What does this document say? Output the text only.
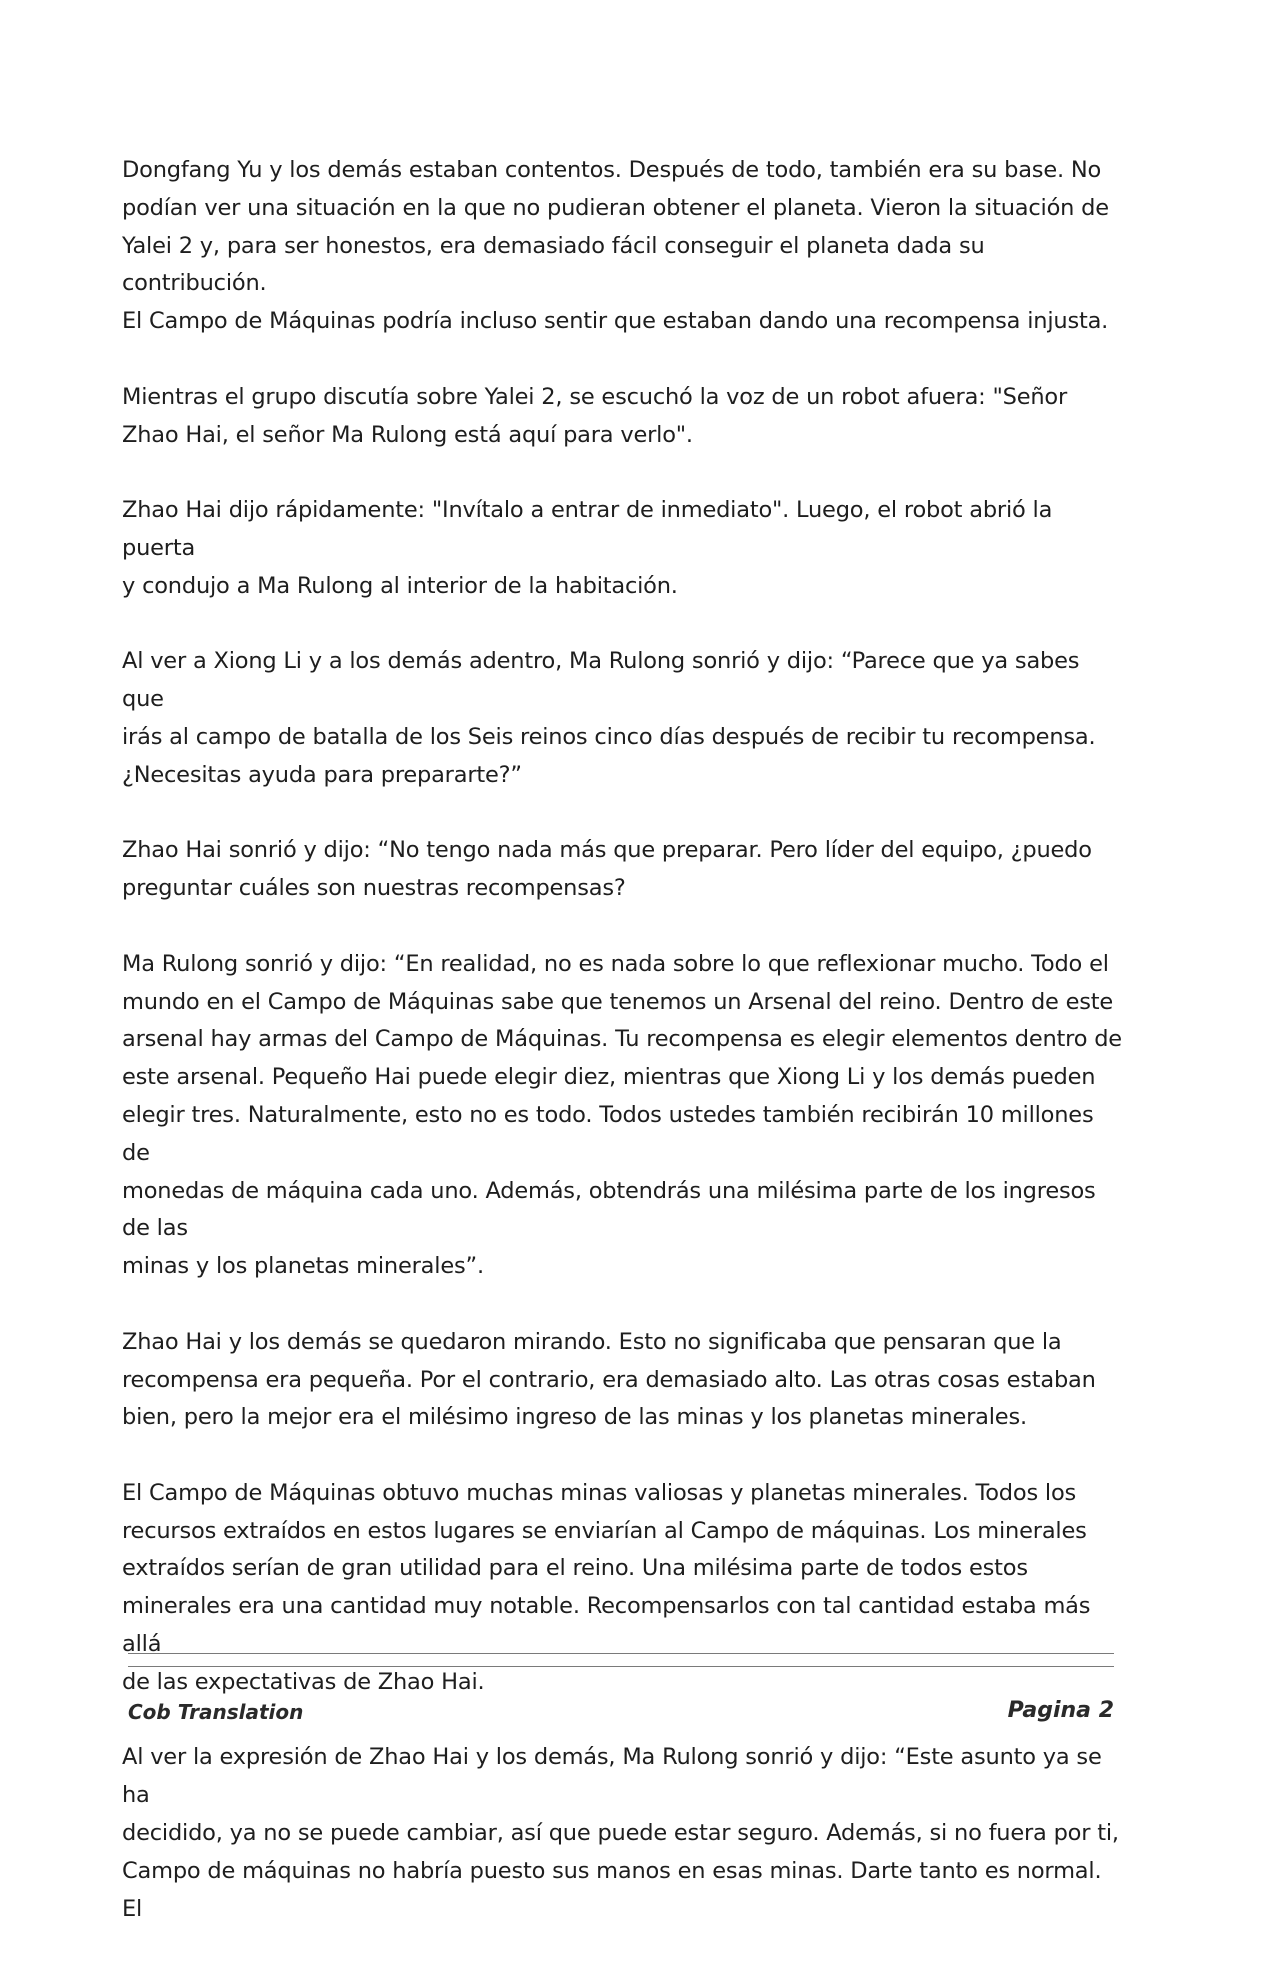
Dongfang Yu y los demás estaban contentos. Después de todo, también era su base. No
podían ver una situación en la que no pudieran obtener el planeta. Vieron la situación de
Yalei 2 y, para ser honestos, era demasiado fácil conseguir el planeta dada su contribución.
El Campo de Máquinas podría incluso sentir que estaban dando una recompensa injusta.

Mientras el grupo discutía sobre Yalei 2, se escuchó la voz de un robot afuera: "Señor
Zhao Hai, el señor Ma Rulong está aquí para verlo".

Zhao Hai dijo rápidamente: "Invítalo a entrar de inmediato". Luego, el robot abrió la puerta
y condujo a Ma Rulong al interior de la habitación.

Al ver a Xiong Li y a los demás adentro, Ma Rulong sonrió y dijo: “Parece que ya sabes que
irás al campo de batalla de los Seis reinos cinco días después de recibir tu recompensa.
¿Necesitas ayuda para prepararte?”

Zhao Hai sonrió y dijo: “No tengo nada más que preparar. Pero líder del equipo, ¿puedo
preguntar cuáles son nuestras recompensas?

Ma Rulong sonrió y dijo: “En realidad, no es nada sobre lo que reflexionar mucho. Todo el
mundo en el Campo de Máquinas sabe que tenemos un Arsenal del reino. Dentro de este
arsenal hay armas del Campo de Máquinas. Tu recompensa es elegir elementos dentro de
este arsenal. Pequeño Hai puede elegir diez, mientras que Xiong Li y los demás pueden
elegir tres. Naturalmente, esto no es todo. Todos ustedes también recibirán 10 millones de
monedas de máquina cada uno. Además, obtendrás una milésima parte de los ingresos de las
minas y los planetas minerales”.

Zhao Hai y los demás se quedaron mirando. Esto no significaba que pensaran que la
recompensa era pequeña. Por el contrario, era demasiado alto. Las otras cosas estaban
bien, pero la mejor era el milésimo ingreso de las minas y los planetas minerales.

El Campo de Máquinas obtuvo muchas minas valiosas y planetas minerales. Todos los
recursos extraídos en estos lugares se enviarían al Campo de máquinas. Los minerales
extraídos serían de gran utilidad para el reino. Una milésima parte de todos estos
minerales era una cantidad muy notable. Recompensarlos con tal cantidad estaba más allá
de las expectativas de Zhao Hai.

Al ver la expresión de Zhao Hai y los demás, Ma Rulong sonrió y dijo: “Este asunto ya se ha
decidido, ya no se puede cambiar, así que puede estar seguro. Además, si no fuera por ti,
Campo de máquinas no habría puesto sus manos en esas minas. Darte tanto es normal. El

Cob Translation	Pagina 2
